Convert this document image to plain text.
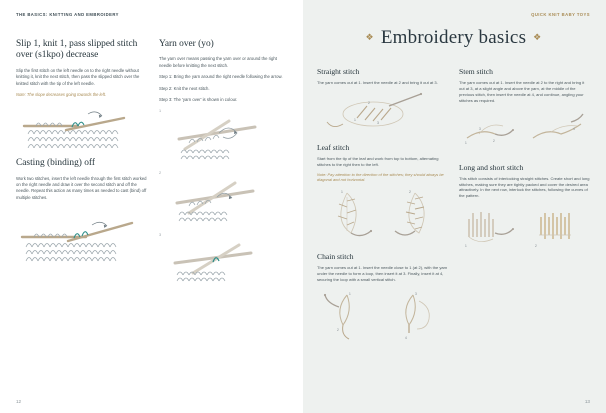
THE BASICS: KNITTING AND EMBROIDERY
Slip 1, knit 1, pass slipped stitch over (s1kpo) decrease

Slip the first stitch on the left needle on to the right needle without knitting it, knit the next stitch, then pass the slipped stitch over the knitted stitch with the tip of the left needle.

Note: The slope decreases going towards the left.

Casting (binding) off

Work two stitches, insert the left needle through the first stitch worked on the right needle and draw it over the second stitch and off the needle. Repeat this action as many times as needed to cast (bind) off multiple stitches.

Yarn over (yo)

The yarn over means passing the yarn over or around the right needle before knitting the next stitch.

Step 1: Bring the yarn around the right needle following the arrow.

Step 2: Knit the next stitch.

Step 3: The 'yarn over' is shown in colour.

1
2
3
12
QUICK KNIT BABY TOYS
❖ Embroidery basics ❖
Straight stitch

The yarn comes out at 1. Insert the needle at 2 and bring it out at 3.

1
2
3
Leaf stitch

Start from the tip of the leaf and work from top to bottom, alternating stitches to the right then to the left.

Note: Pay attention to the direction of the stitches; they should always be diagonal and not horizontal.

1	2
Chain stitch

The yarn comes out at 1. Insert the needle close to 1 (at 2), with the yarn under the needle to form a loop, then insert it at 3. Finally, insert it at 4, securing the loop with a small vertical stitch.

1
2
3
4
Stem stitch

The yarn comes out at 1. Insert the needle at 2 to the right and bring it out at 3, at a slight angle and above the yarn, at the middle of the previous stitch, then insert the needle at 4, and continue, angling your stitches as required.

1	2
3	4
Long and short stitch

This stitch consists of interlocking straight stitches. Create short and long stitches, making sure they are tightly packed and cover the desired area attractively. In the next row, interlock the stitches, following the curves of the pattern.

1	2
13
